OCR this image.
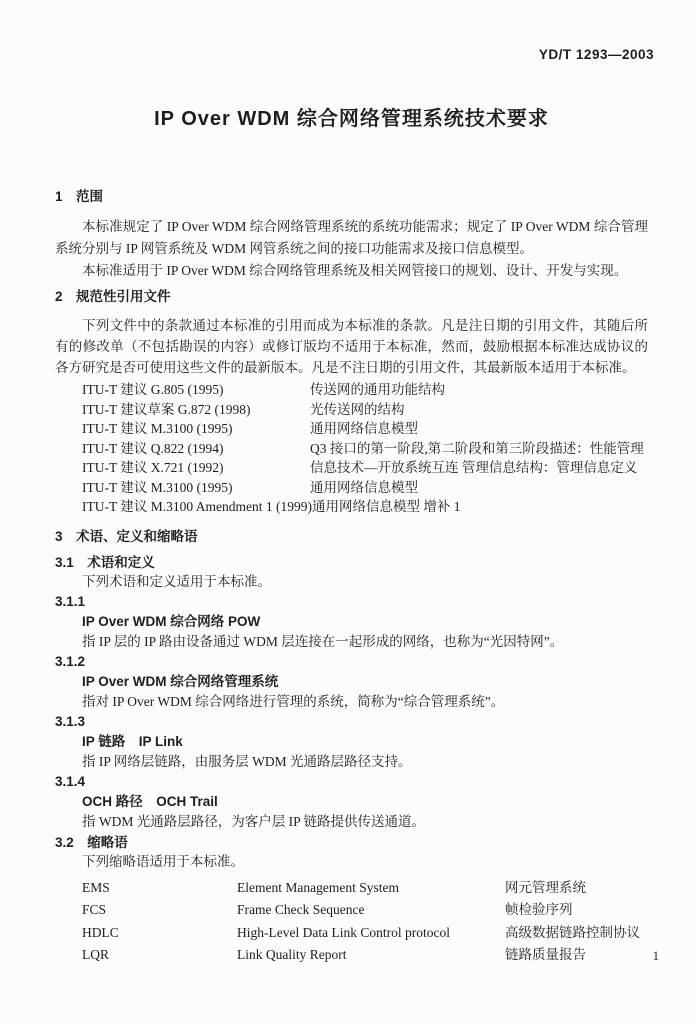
YD/T 1293—2003
IP Over WDM 综合网络管理系统技术要求
1　范围
本标准规定了 IP Over WDM 综合网络管理系统的系统功能需求；规定了 IP Over WDM 综合管理系统分别与 IP 网管系统及 WDM 网管系统之间的接口功能需求及接口信息模型。
本标准适用于 IP Over WDM 综合网络管理系统及相关网管接口的规划、设计、开发与实现。
2　规范性引用文件
下列文件中的条款通过本标准的引用而成为本标准的条款。凡是注日期的引用文件，其随后所有的修改单（不包括勘误的内容）或修订版均不适用于本标准，然而，鼓励根据本标准达成协议的各方研究是否可使用这些文件的最新版本。凡是不注日期的引用文件，其最新版本适用于本标准。
ITU-T 建议 G.805 (1995)	传送网的通用功能结构
ITU-T 建议草案 G.872 (1998)	光传送网的结构
ITU-T 建议 M.3100 (1995)	通用网络信息模型
ITU-T 建议 Q.822 (1994)	Q3 接口的第一阶段,第二阶段和第三阶段描述：性能管理
ITU-T 建议 X.721 (1992)	信息技术—开放系统互连 管理信息结构：管理信息定义
ITU-T 建议 M.3100 (1995)	通用网络信息模型
ITU-T 建议 M.3100 Amendment 1 (1999) 通用网络信息模型 增补 1
3　术语、定义和缩略语
3.1　术语和定义
下列术语和定义适用于本标准。
3.1.1
IP Over WDM 综合网络 POW
指 IP 层的 IP 路由设备通过 WDM 层连接在一起形成的网络，也称为“光因特网”。
3.1.2
IP Over WDM 综合网络管理系统
指对 IP Over WDM 综合网络进行管理的系统，简称为“综合管理系统”。
3.1.3
IP 链路　IP Link
指 IP 网络层链路，由服务层 WDM 光通路层路径支持。
3.1.4
OCH 路径　OCH Trail
指 WDM 光通路层路径，为客户层 IP 链路提供传送通道。
3.2　缩略语
下列缩略语适用于本标准。
EMS	Element Management System	网元管理系统
FCS	Frame Check Sequence	帧检验序列
HDLC	High-Level Data Link Control protocol	高级数据链路控制协议
LQR	Link Quality Report	链路质量报告	1
